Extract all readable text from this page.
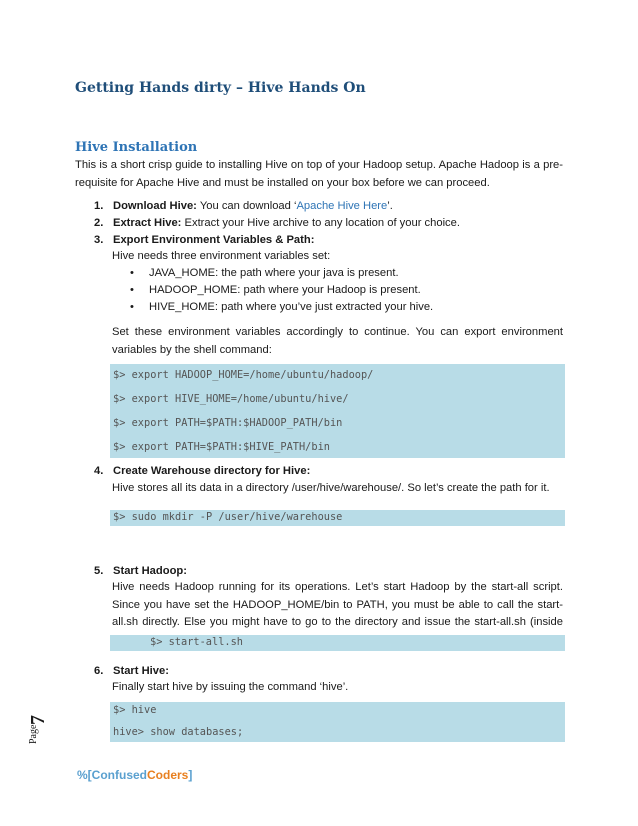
Getting Hands dirty – Hive Hands On
Hive Installation
This is a short crisp guide to installing Hive on top of your Hadoop setup. Apache Hadoop is a pre-requisite for Apache Hive and must be installed on your box before we can proceed.
1. Download Hive: You can download ‘Apache Hive Here’.
2. Extract Hive: Extract your Hive archive to any location of your choice.
3. Export Environment Variables & Path:
Hive needs three environment variables set:
• JAVA_HOME: the path where your java is present.
• HADOOP_HOME: path where your Hadoop is present.
• HIVE_HOME: path where you’ve just extracted your hive.
Set these environment variables accordingly to continue. You can export environment variables by the shell command:
$> export HADOOP_HOME=/home/ubuntu/hadoop/
$> export HIVE_HOME=/home/ubuntu/hive/
$> export PATH=$PATH:$HADOOP_PATH/bin
$> export PATH=$PATH:$HIVE_PATH/bin
4. Create Warehouse directory for Hive:
Hive stores all its data in a directory /user/hive/warehouse/. So let’s create the path for it.
$> sudo mkdir -P /user/hive/warehouse
5. Start Hadoop:
Hive needs Hadoop running for its operations. Let’s start Hadoop by the start-all script. Since you have set the HADOOP_HOME/bin to PATH, you must be able to call the start-all.sh directly. Else you might have to go to the directory and issue the start-all.sh (inside
$> start-all.sh
6. Start Hive:
Finally start hive by issuing the command ‘hive’.
$> hive
hive> show databases;
7
Page
%[ConfusedCoders]
